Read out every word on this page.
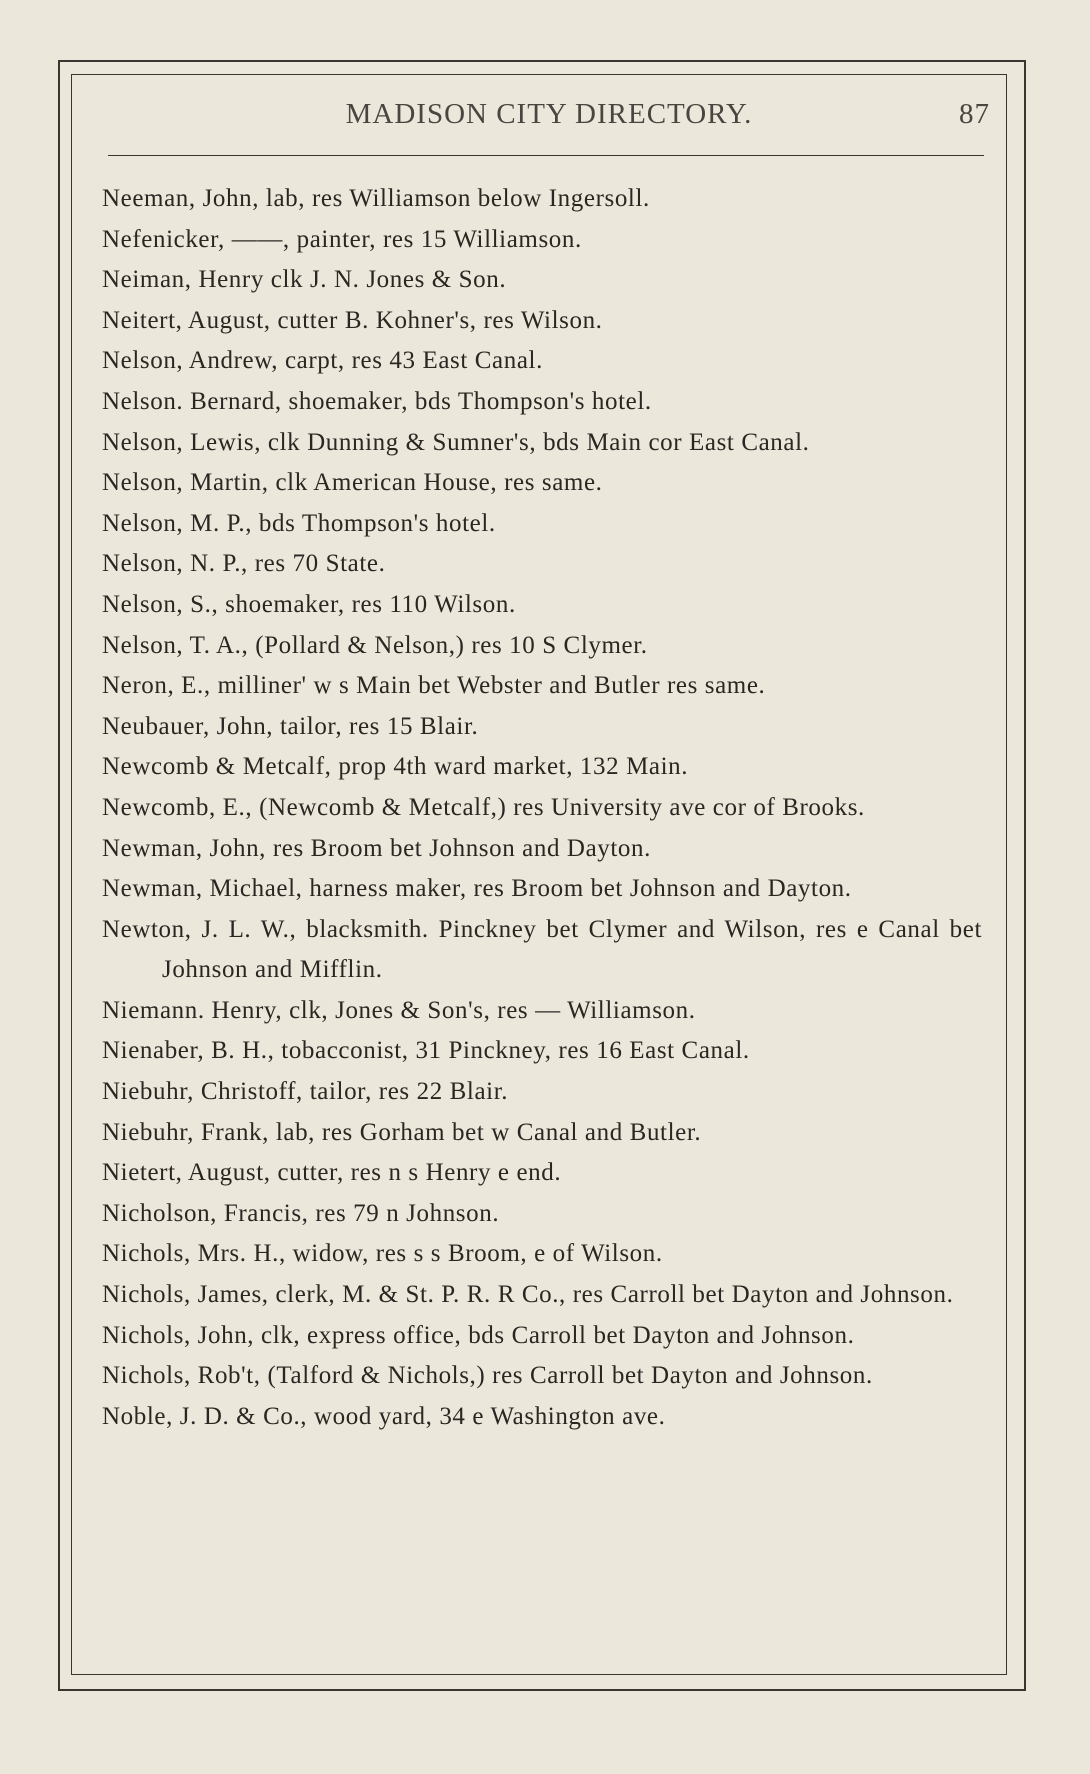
MADISON CITY DIRECTORY.	87

Neeman, John, lab, res Williamson below Ingersoll.

Nefenicker, ——, painter, res 15 Williamson.

Neiman, Henry clk J. N. Jones & Son.

Neitert, August, cutter B. Kohner's, res Wilson.

Nelson, Andrew, carpt, res 43 East Canal.

Nelson. Bernard, shoemaker, bds Thompson's hotel.

Nelson, Lewis, clk Dunning & Sumner's, bds Main cor East Canal.

Nelson, Martin, clk American House, res same.

Nelson, M. P., bds Thompson's hotel.

Nelson, N. P., res 70 State.

Nelson, S., shoemaker, res 110 Wilson.

Nelson, T. A., (Pollard & Nelson,) res 10 S Clymer.

Neron, E., milliner' w s Main bet Webster and Butler res same.

Neubauer, John, tailor, res 15 Blair.

Newcomb & Metcalf, prop 4th ward market, 132 Main.

Newcomb, E., (Newcomb & Metcalf,) res University ave cor of Brooks.

Newman, John, res Broom bet Johnson and Dayton.

Newman, Michael, harness maker, res Broom bet Johnson and Dayton.

Newton, J. L. W., blacksmith. Pinckney bet Clymer and Wilson, res e Canal bet Johnson and Mifflin.

Niemann. Henry, clk, Jones & Son's, res — Williamson.

Nienaber, B. H., tobacconist, 31 Pinckney, res 16 East Canal.

Niebuhr, Christoff, tailor, res 22 Blair.

Niebuhr, Frank, lab, res Gorham bet w Canal and Butler.

Nietert, August, cutter, res n s Henry e end.

Nicholson, Francis, res 79 n Johnson.

Nichols, Mrs. H., widow, res s s Broom, e of Wilson.

Nichols, James, clerk, M. & St. P. R. R Co., res Carroll bet Dayton and Johnson.

Nichols, John, clk, express office, bds Carroll bet Dayton and Johnson.

Nichols, Rob't, (Talford & Nichols,) res Carroll bet Dayton and Johnson.

Noble, J. D. & Co., wood yard, 34 e Washington ave.
